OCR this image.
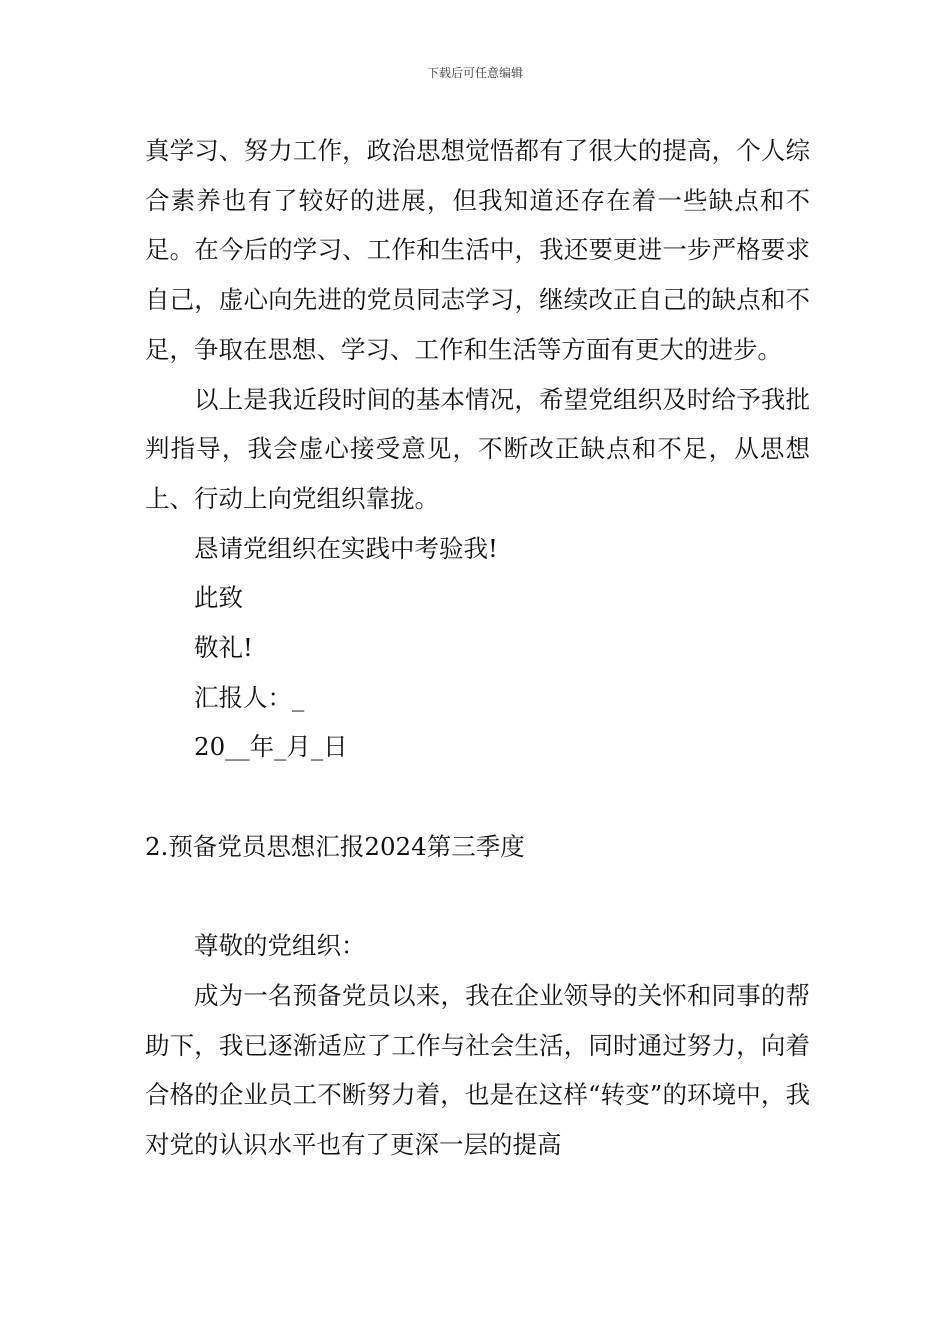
下载后可任意编辑

真学习、努力工作，政治思想觉悟都有了很大的提高，个人综合素养也有了较好的进展，但我知道还存在着一些缺点和不足。在今后的学习、工作和生活中，我还要更进一步严格要求自己，虚心向先进的党员同志学习，继续改正自己的缺点和不足，争取在思想、学习、工作和生活等方面有更大的进步。

以上是我近段时间的基本情况，希望党组织及时给予我批判指导，我会虚心接受意见，不断改正缺点和不足，从思想上、行动上向党组织靠拢。

恳请党组织在实践中考验我!

此致

敬礼!

汇报人：_

20__年_月_日

2.预备党员思想汇报2024第三季度

尊敬的党组织：

成为一名预备党员以来，我在企业领导的关怀和同事的帮助下，我已逐渐适应了工作与社会生活，同时通过努力，向着合格的企业员工不断努力着，也是在这样“转变”的环境中，我对党的认识水平也有了更深一层的提高
